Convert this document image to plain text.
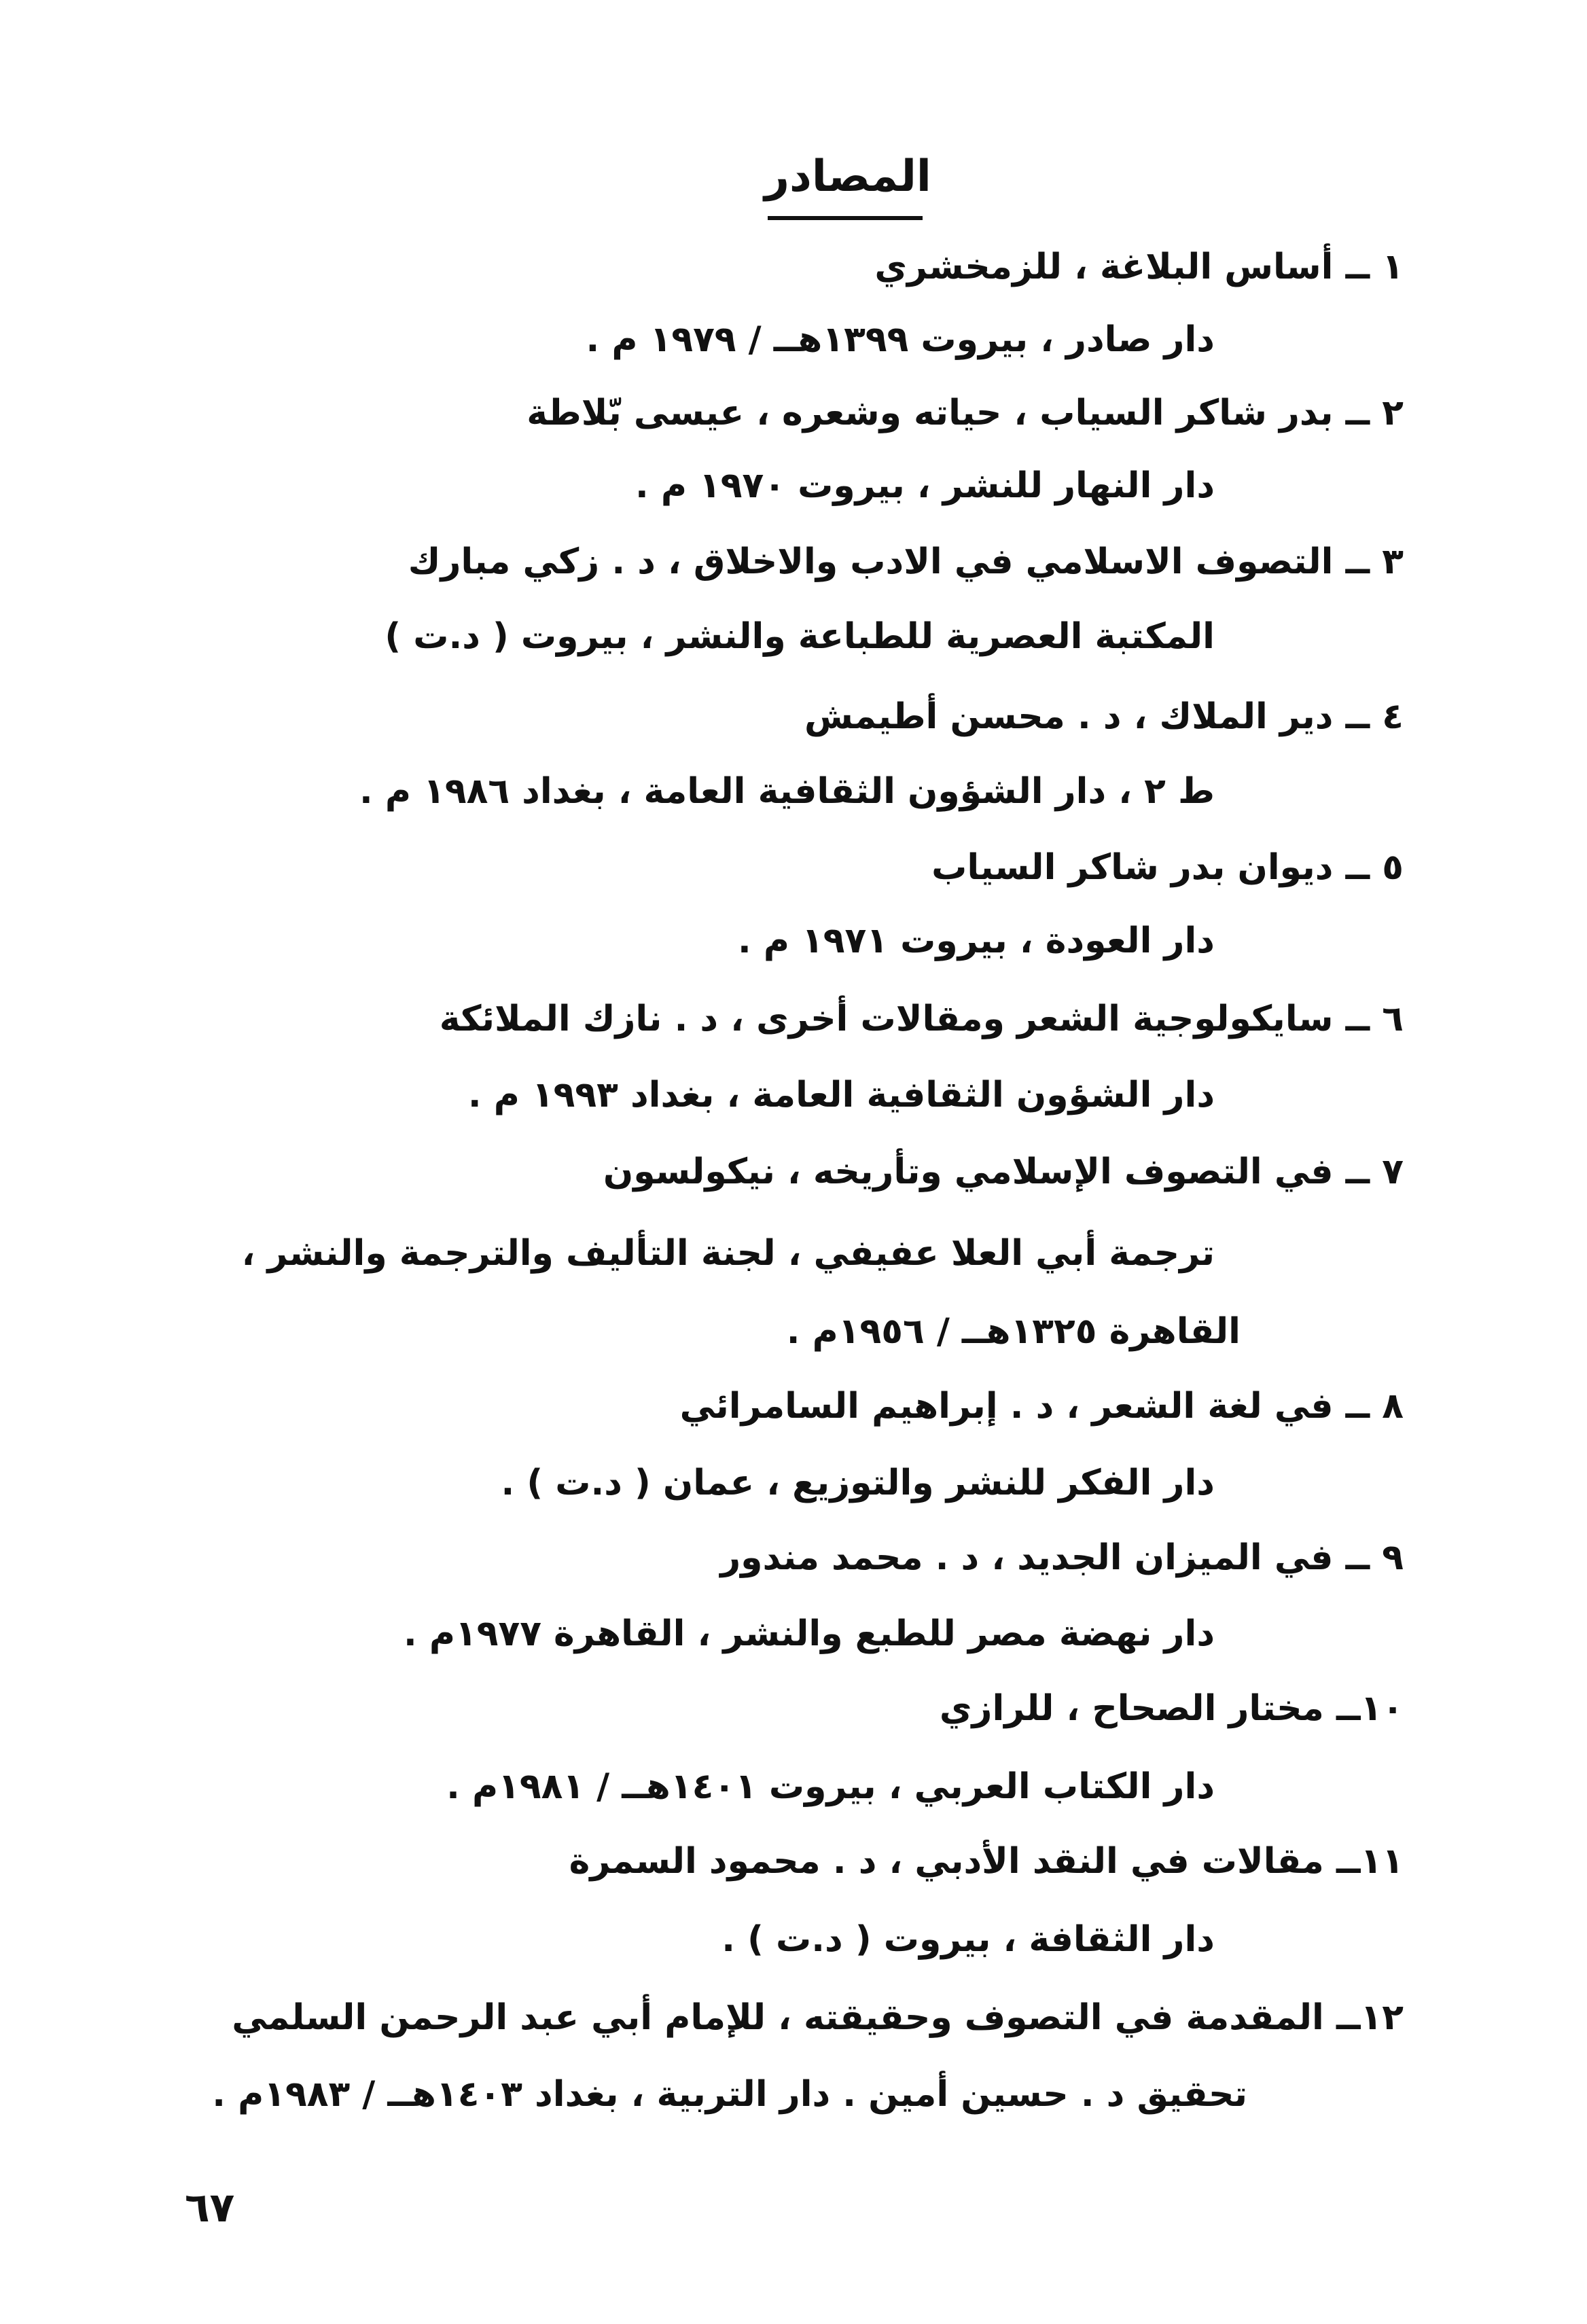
المصادر
١ ــ أساس البلاغة ، للزمخشري
دار صادر ، بيروت ١٣٩٩هــ / ١٩٧٩ م .
٢ ــ بدر شاكر السياب ، حياته وشعره ، عيسى بّلاطة
دار النهار للنشر ، بيروت ١٩٧٠ م .
٣ ــ التصوف الاسلامي في الادب والاخلاق ، د . زكي مبارك
المكتبة العصرية للطباعة والنشر ، بيروت ( د.ت )
٤ ــ دير الملاك ، د . محسن أطيمش
ط ٢ ، دار الشؤون الثقافية العامة ، بغداد ١٩٨٦ م .
٥ ــ ديوان بدر شاكر السياب
دار العودة ، بيروت ١٩٧١ م .
٦ ــ سايكولوجية الشعر ومقالات أخرى ، د . نازك الملائكة
دار الشؤون الثقافية العامة ، بغداد ١٩٩٣ م .
٧ ــ في التصوف الإسلامي وتأريخه ، نيكولسون
ترجمة أبي العلا عفيفي ، لجنة التأليف والترجمة والنشر ،
القاهرة ١٣٢٥هــ / ١٩٥٦م .
٨ ــ في لغة الشعر ، د . إبراهيم السامرائي
دار الفكر للنشر والتوزيع ، عمان ( د.ت ) .
٩ ــ في الميزان الجديد ، د . محمد مندور
دار نهضة مصر للطبع والنشر ، القاهرة ١٩٧٧م .
١٠ــ مختار الصحاح ، للرازي
دار الكتاب العربي ، بيروت ١٤٠١هــ / ١٩٨١م .
١١ــ مقالات في النقد الأدبي ، د . محمود السمرة
دار الثقافة ، بيروت ( د.ت ) .
١٢ــ المقدمة في التصوف وحقيقته ، للإمام أبي عبد الرحمن السلمي
تحقيق د . حسين أمين . دار التربية ، بغداد ١٤٠٣هــ / ١٩٨٣م .
٦٧
